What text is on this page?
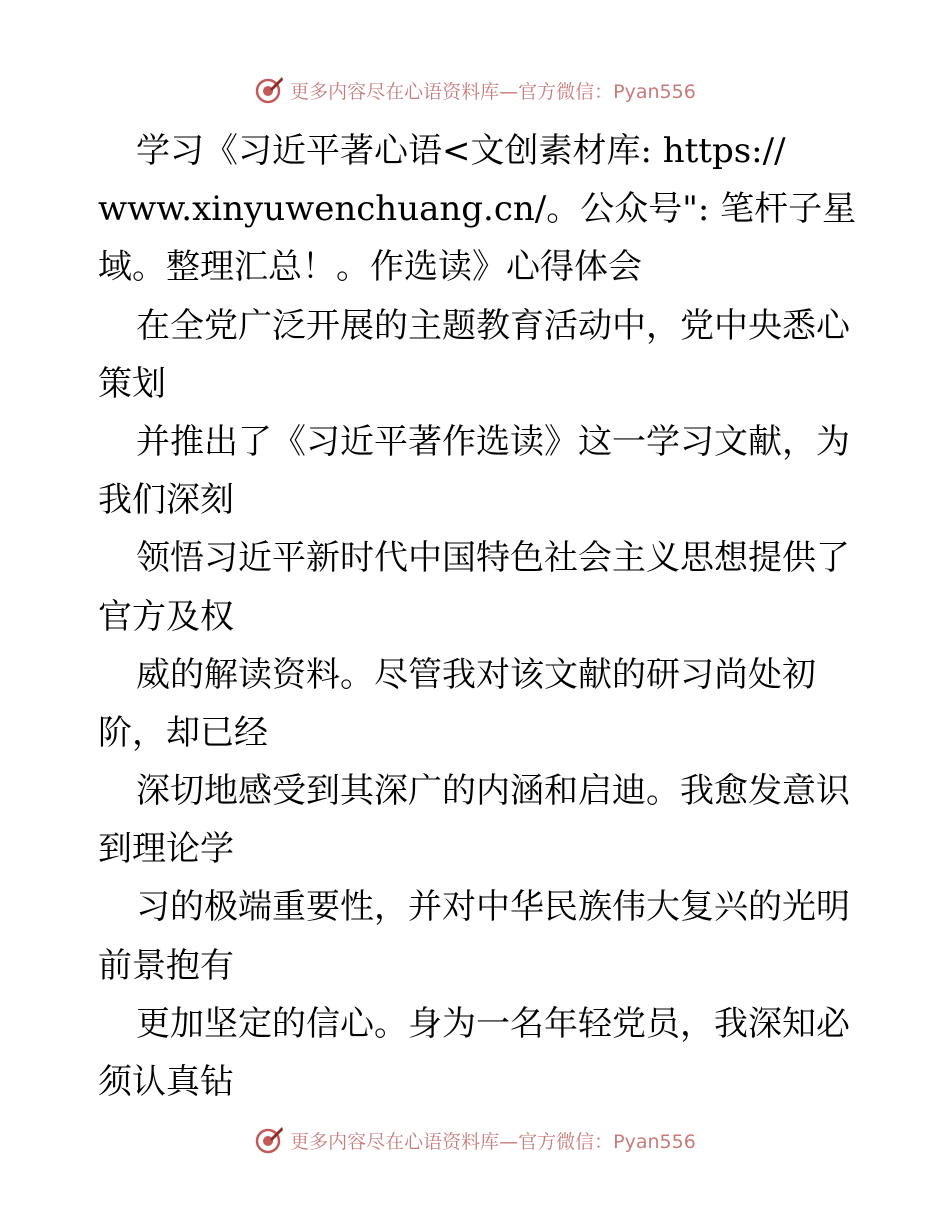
更多内容尽在心语资料库—官方微信：Pyan556
学习《习近平著心语<文创素材库: https://
www.xinyuwenchuang.cn/。公众号": 笔杆子星
域。整理汇总！。作选读》心得体会
在全党广泛开展的主题教育活动中，党中央悉心
策划
并推出了《习近平著作选读》这一学习文献，为
我们深刻
领悟习近平新时代中国特色社会主义思想提供了
官方及权
威的解读资料。尽管我对该文献的研习尚处初
阶，却已经
深切地感受到其深广的内涵和启迪。我愈发意识
到理论学
习的极端重要性，并对中华民族伟大复兴的光明
前景抱有
更加坚定的信心。身为一名年轻党员，我深知必
须认真钻
更多内容尽在心语资料库—官方微信：Pyan556
